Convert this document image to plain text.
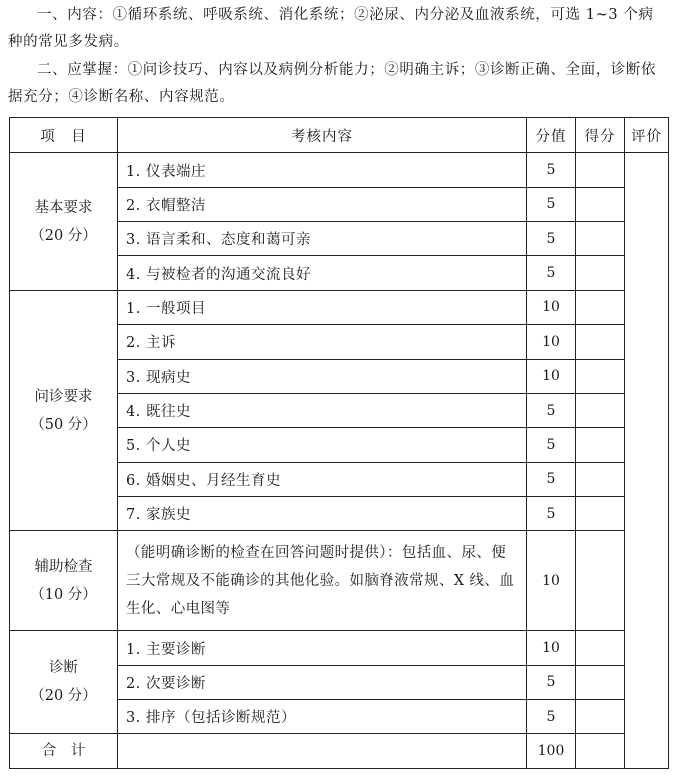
一、内容：①循环系统、呼吸系统、消化系统；②泌尿、内分泌及血液系统，可选 1~3 个病种的常见多发病。

二、应掌握：①问诊技巧、内容以及病例分析能力；②明确主诉；③诊断正确、全面，诊断依据充分；④诊断名称、内容规范。

项　目	考核内容	分值	得分	评价

基本要求
（20 分）	1. 仪表端庄	5		
	2. 衣帽整洁	5		
	3. 语言柔和、态度和蔼可亲	5		
	4. 与被检者的沟通交流良好	5		

问诊要求
（50 分）	1. 一般项目	10		
	2. 主诉	10		
	3. 现病史	10		
	4. 既往史	5		
	5. 个人史	5		
	6. 婚姻史、月经生育史	5		
	7. 家族史	5		

辅助检查
（10 分）	（能明确诊断的检查在回答问题时提供）：包括血、尿、便三大常规及不能确诊的其他化验。如脑脊液常规、X 线、血生化、心电图等	10		

诊断
（20 分）	1. 主要诊断	10		
	2. 次要诊断	5		
	3. 排序（包括诊断规范）	5		
合　计		100		
